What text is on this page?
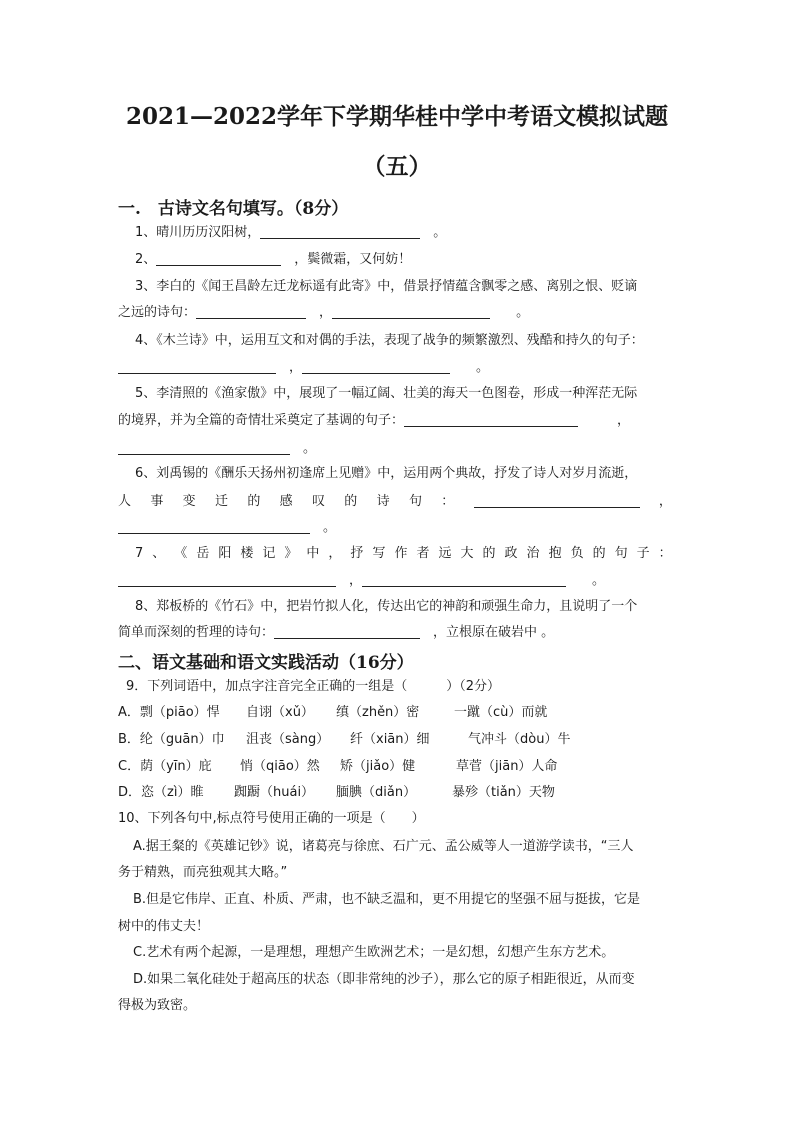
2021—2022学年下学期华桂中学中考语文模拟试题
（五）
一.　古诗文名句填写。（8分）
1、晴川历历汉阳树，　	。
2、　	，鬓微霜，又何妨！
3、李白的《闻王昌龄左迁龙标遥有此寄》中，借景抒情蕴含飘零之感、离别之恨、贬谪
之远的诗句：　	，　　	。
4、《木兰诗》中，运用互文和对偶的手法，表现了战争的频繁激烈、残酷和持久的句子：
　，　　	。
5、李清照的《渔家傲》中，展现了一幅辽阔、壮美的海天一色图卷，形成一种浑茫无际
的境界，并为全篇的奇情壮采奠定了基调的句子：　　　	，
　。
6、刘禹锡的《酬乐天扬州初逢席上见赠》中，运用两个典故，抒发了诗人对岁月流逝，
人 事 变 迁 的 感 叹 的 诗 句 ：	，
　。
7 、 《 岳 阳 楼 记 》 中 ， 抒 写 作 者 远 大 的 政 治 抱 负 的 句 子 ：
　，　　	。
8、郑板桥的《竹石》中，把岩竹拟人化，传达出它的神韵和顽强生命力，且说明了一个
简单而深刻的哲理的诗句：　	，立根原在破岩中 。
二、语文基础和语文实践活动（16分）
9．下列词语中，加点字注音完全正确的一组是（　　　）（2分）
A．剽（piāo）悍 自诩（xǔ） 缜（zhěn）密	一蹴（cù）而就
B．纶（guān）巾 沮丧（sàng） 纤（xiān）细	气冲斗（dòu）牛
C．荫（yīn）庇 悄（qiāo）然 矫（jiǎo）健	草菅（jiān）人命
D．恣（zì）睢 踟蹰（huái） 腼腆（diǎn）	暴殄（tiǎn）天物
10、下列各句中,标点符号使用正确的一项是（　　）
A.据王粲的《英雄记钞》说，诸葛亮与徐庶、石广元、孟公威等人一道游学读书，“三人
务于精熟，而亮独观其大略。”
B.但是它伟岸、正直、朴质、严肃，也不缺乏温和，更不用提它的坚强不屈与挺拔，它是
树中的伟丈夫！
C.艺术有两个起源，一是理想，理想产生欧洲艺术；一是幻想，幻想产生东方艺术。
D.如果二氧化硅处于超高压的状态（即非常纯的沙子），那么它的原子相距很近，从而变
得极为致密。
